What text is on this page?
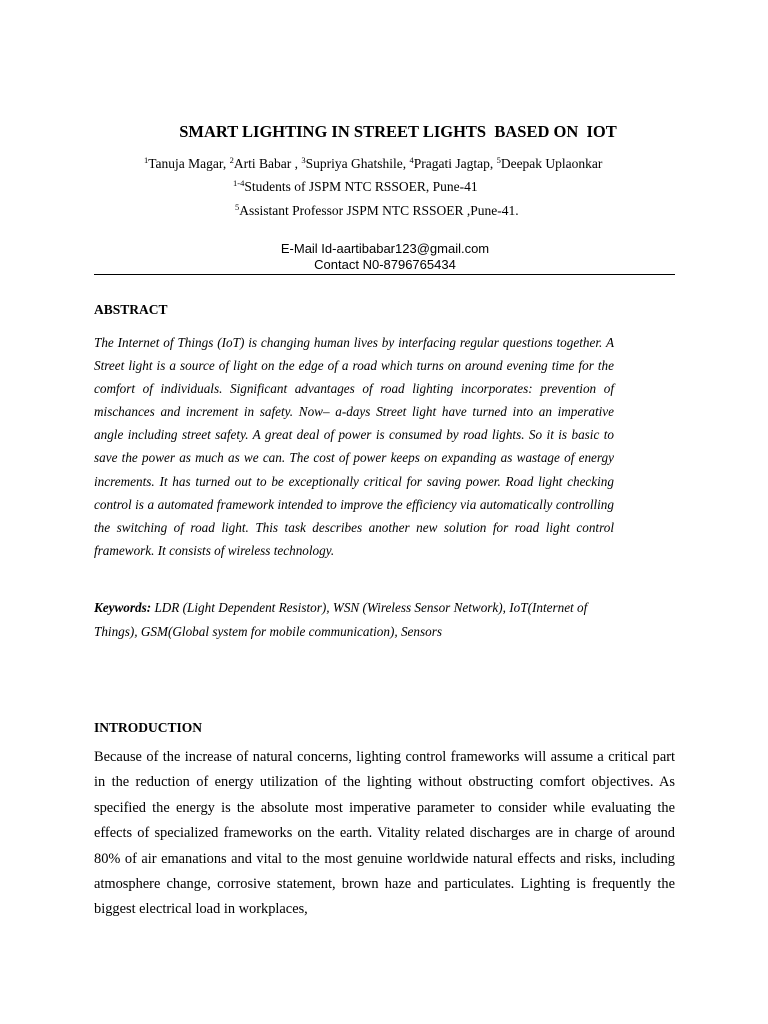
SMART LIGHTING IN STREET LIGHTS  BASED ON  IOT
$^1$Tanuja Magar, $^2$Arti Babar , $^3$Supriya Ghatshile, $^4$Pragati Jagtap, $^5$Deepak Uplaonkar
$^{1-4}$Students of JSPM NTC RSSOER, Pune-41
$^5$Assistant Professor JSPM NTC RSSOER ,Pune-41.
E-Mail Id-aartibabar123@gmail.com
Contact N0-8796765434
ABSTRACT

The Internet of Things (IoT) is changing human lives by interfacing regular questions together. A Street light is a source of light on the edge of a road which turns on around evening time for the comfort of individuals. Significant advantages of road lighting incorporates: prevention of mischances and increment in safety. Now– a-days Street light have turned into an imperative angle including street safety. A great deal of power is consumed by road lights. So it is basic to save the power as much as we can. The cost of power keeps on expanding as wastage of energy increments. It has turned out to be exceptionally critical for saving power. Road light checking control is a automated framework intended to improve the efficiency via automatically controlling the switching of road light. This task describes another new solution for road light control framework. It consists of wireless technology.

Keywords: LDR (Light Dependent Resistor), WSN (Wireless Sensor Network), IoT(Internet of Things), GSM(Global system for mobile communication), Sensors

INTRODUCTION

Because of the increase of natural concerns, lighting control frameworks will assume a critical part in the reduction of energy utilization of the lighting without obstructing comfort objectives. As specified the energy is the absolute most imperative parameter to consider while evaluating the effects of specialized frameworks on the earth. Vitality related discharges are in charge of around 80% of air emanations and vital to the most genuine worldwide natural effects and risks, including atmosphere change, corrosive statement, brown haze and particulates. Lighting is frequently the biggest electrical load in workplaces,
